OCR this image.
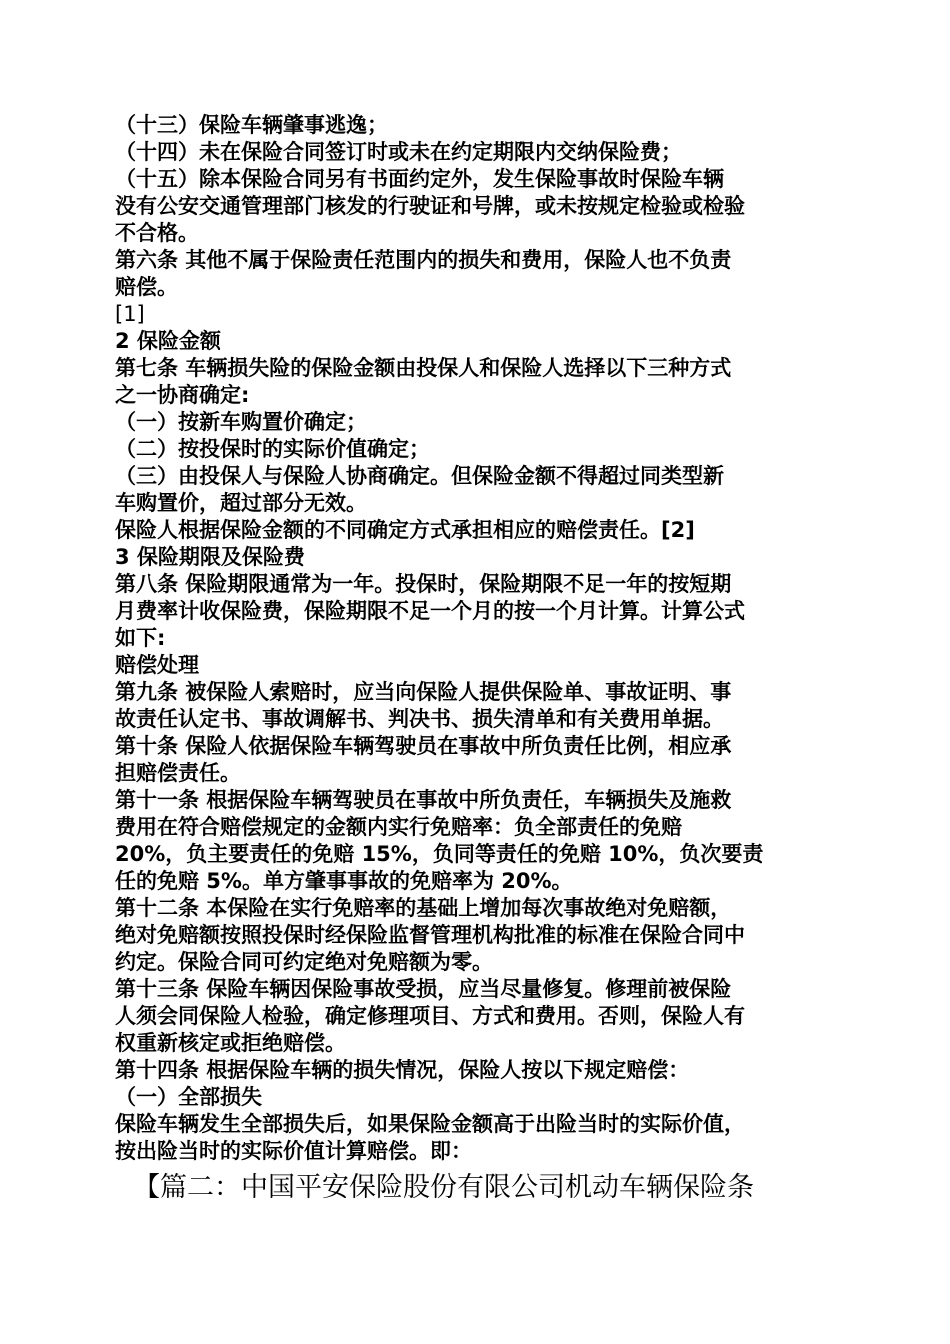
（十三）保险车辆肇事逃逸；
（十四）未在保险合同签订时或未在约定期限内交纳保险费；
（十五）除本保险合同另有书面约定外，发生保险事故时保险车辆
没有公安交通管理部门核发的行驶证和号牌，或未按规定检验或检验
不合格。
第六条 其他不属于保险责任范围内的损失和费用，保险人也不负责
赔偿。
[1]
2 保险金额
第七条 车辆损失险的保险金额由投保人和保险人选择以下三种方式
之一协商确定:
（一）按新车购置价确定；
（二）按投保时的实际价值确定；
（三）由投保人与保险人协商确定。但保险金额不得超过同类型新
车购置价，超过部分无效。
保险人根据保险金额的不同确定方式承担相应的赔偿责任。[2]
3 保险期限及保险费
第八条 保险期限通常为一年。投保时，保险期限不足一年的按短期
月费率计收保险费，保险期限不足一个月的按一个月计算。计算公式
如下:
赔偿处理
第九条 被保险人索赔时，应当向保险人提供保险单、事故证明、事
故责任认定书、事故调解书、判决书、损失清单和有关费用单据。
第十条 保险人依据保险车辆驾驶员在事故中所负责任比例，相应承
担赔偿责任。
第十一条 根据保险车辆驾驶员在事故中所负责任，车辆损失及施救
费用在符合赔偿规定的金额内实行免赔率：负全部责任的免赔
20%，负主要责任的免赔 15%，负同等责任的免赔 10%，负次要责
任的免赔 5%。单方肇事事故的免赔率为 20%。
第十二条 本保险在实行免赔率的基础上增加每次事故绝对免赔额，
绝对免赔额按照投保时经保险监督管理机构批准的标准在保险合同中
约定。保险合同可约定绝对免赔额为零。
第十三条 保险车辆因保险事故受损，应当尽量修复。修理前被保险
人须会同保险人检验，确定修理项目、方式和费用。否则，保险人有
权重新核定或拒绝赔偿。
第十四条 根据保险车辆的损失情况，保险人按以下规定赔偿：
（一）全部损失
保险车辆发生全部损失后，如果保险金额高于出险当时的实际价值，
按出险当时的实际价值计算赔偿。即：
【篇二：中国平安保险股份有限公司机动车辆保险条
